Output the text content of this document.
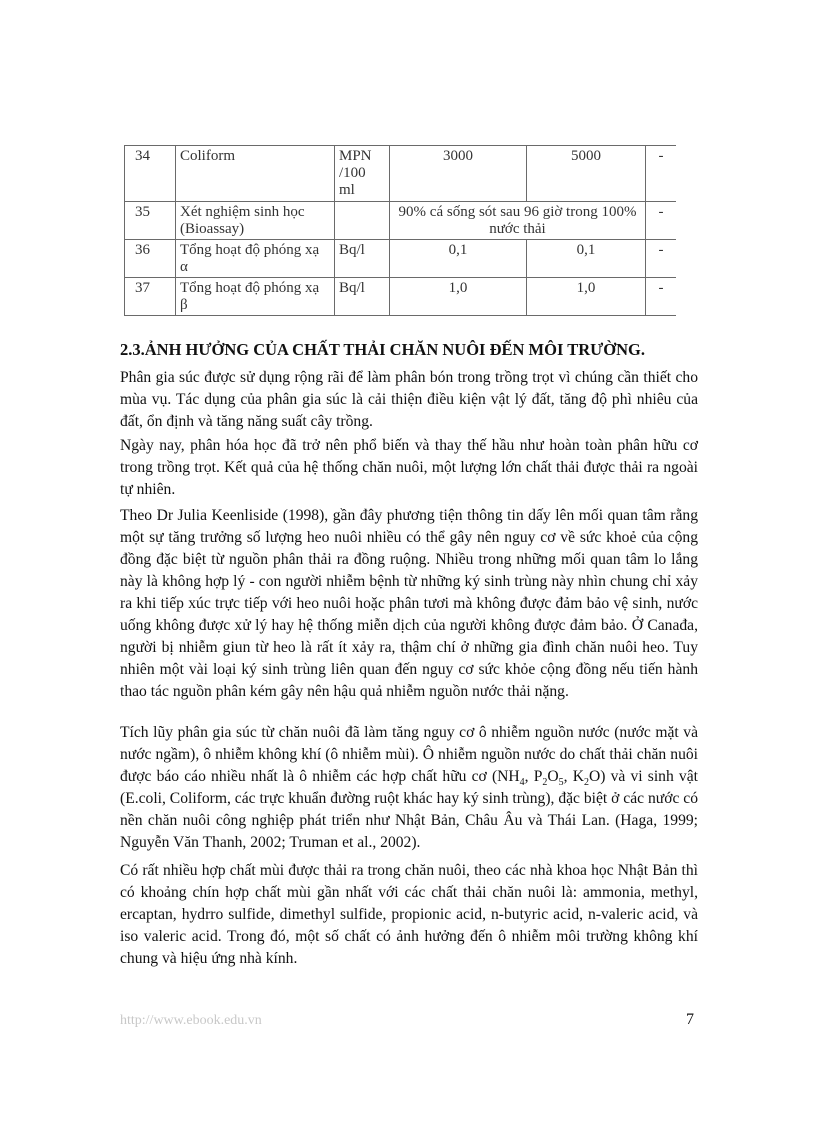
34	Coliform	MPN /100 ml	3000	5000	-
35	Xét nghiệm sinh học (Bioassay)		90% cá sống sót sau 96 giờ trong 100% nước thải		-
36	Tổng hoạt độ phóng xạ α	Bq/l	0,1	0,1	-
37	Tổng hoạt độ phóng xạ β	Bq/l	1,0	1,0	-
2.3.ẢNH HƯỞNG CỦA CHẤT THẢI CHĂN NUÔI ĐẾN MÔI TRƯỜNG.

Phân gia súc được sử dụng rộng rãi để làm phân bón trong trồng trọt vì chúng cần thiết cho mùa vụ. Tác dụng của phân gia súc là cải thiện điều kiện vật lý đất, tăng độ phì nhiêu của đất, ổn định và tăng năng suất cây trồng.

Ngày nay, phân hóa học đã trở nên phổ biến và thay thế hầu như hoàn toàn phân hữu cơ trong trồng trọt. Kết quả của hệ thống chăn nuôi, một lượng lớn chất thải được thải ra ngoài tự nhiên.

Theo Dr Julia Keenliside (1998), gần đây phương tiện thông tin dấy lên mối quan tâm rằng một sự tăng trưởng số lượng heo nuôi nhiều có thể gây nên nguy cơ về sức khoẻ của cộng đồng đặc biệt từ nguồn phân thải ra đồng ruộng. Nhiều trong những mối quan tâm lo lắng này là không hợp lý - con người nhiễm bệnh từ những ký sinh trùng này nhìn chung chỉ xảy ra khi tiếp xúc trực tiếp với heo nuôi hoặc phân tươi mà không được đảm bảo vệ sinh, nước uống không được xử lý hay hệ thống miễn dịch của người không được đảm bảo. Ở Canađa, người bị nhiễm giun từ heo là rất ít xảy ra, thậm chí ở những gia đình chăn nuôi heo. Tuy nhiên một vài loại ký sinh trùng liên quan đến nguy cơ sức khỏe cộng đồng nếu tiến hành thao tác nguồn phân kém gây nên hậu quả nhiễm nguồn nước thải nặng.

Tích lũy phân gia súc từ chăn nuôi đã làm tăng nguy cơ ô nhiễm nguồn nước (nước mặt và nước ngầm), ô nhiễm không khí (ô nhiễm mùi). Ô nhiễm nguồn nước do chất thải chăn nuôi được báo cáo nhiều nhất là ô nhiễm các hợp chất hữu cơ ($NH_4$, $P_2O_5$, $K_2O$) và vi sinh vật (E.coli, Coliform, các trực khuẩn đường ruột khác hay ký sinh trùng), đặc biệt ở các nước có nền chăn nuôi công nghiệp phát triển như Nhật Bản, Châu Âu và Thái Lan. (Haga, 1999; Nguyễn Văn Thanh, 2002; Truman et al., 2002).

Có rất nhiều hợp chất mùi được thải ra trong chăn nuôi, theo các nhà khoa học Nhật Bản thì có khoảng chín hợp chất mùi gần nhất với các chất thải chăn nuôi là: ammonia, methyl, ercaptan, hydrro sulfide, dimethyl sulfide, propionic acid, n-butyric acid, n-valeric acid, và iso valeric acid. Trong đó, một số chất có ảnh hưởng đến ô nhiễm môi trường không khí chung và hiệu ứng nhà kính.

http://www.ebook.edu.vn	7
